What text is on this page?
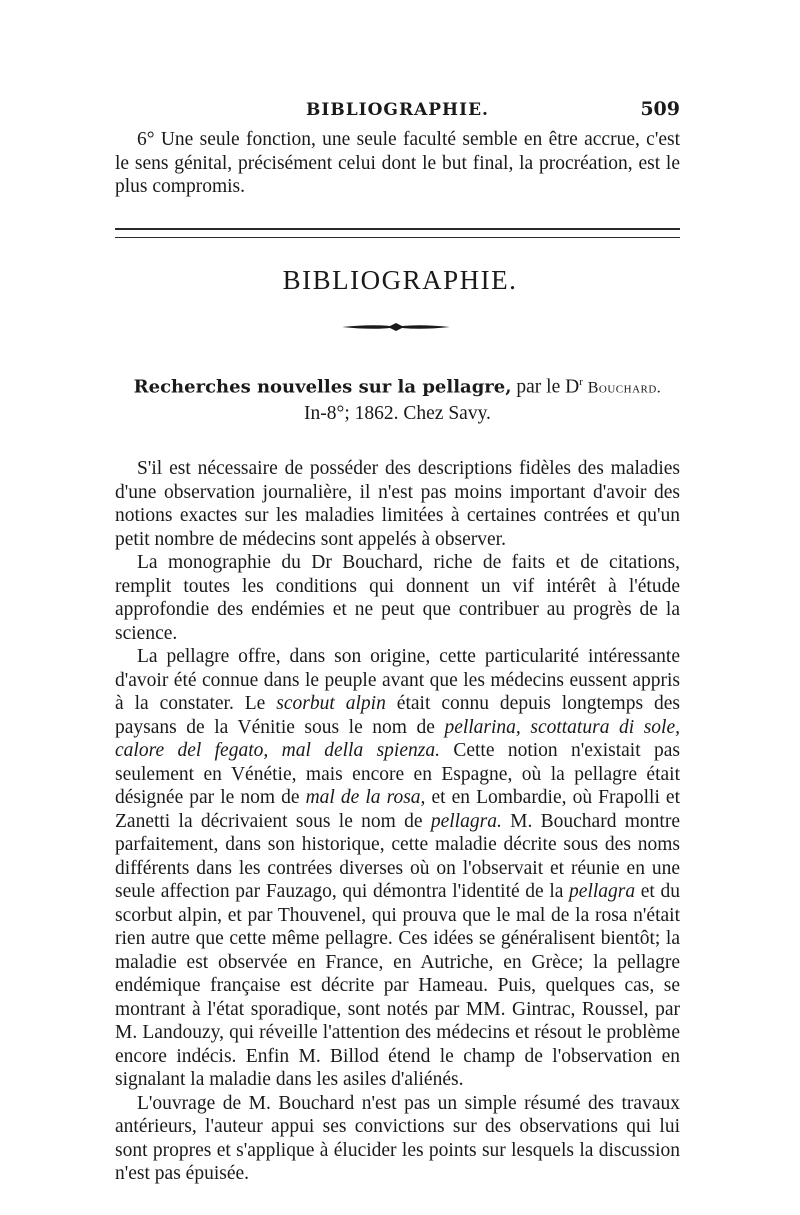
BIBLIOGRAPHIE.	509

6° Une seule fonction, une seule faculté semble en être accrue, c'est le sens génital, précisément celui dont le but final, la procréation, est le plus compromis.

BIBLIOGRAPHIE.
Recherches nouvelles sur la pellagre, par le $D^r$ Bouchard.
In-8°; 1862. Chez Savy.

S'il est nécessaire de posséder des descriptions fidèles des maladies d'une observation journalière, il n'est pas moins important d'avoir des notions exactes sur les maladies limitées à certaines contrées et qu'un petit nombre de médecins sont appelés à observer.

La monographie du Dr Bouchard, riche de faits et de citations, remplit toutes les conditions qui donnent un vif intérêt à l'étude approfondie des endémies et ne peut que contribuer au progrès de la science.

La pellagre offre, dans son origine, cette particularité intéressante d'avoir été connue dans le peuple avant que les médecins eussent appris à la constater. Le scorbut alpin était connu depuis longtemps des paysans de la Vénitie sous le nom de pellarina, scottatura di sole, calore del fegato, mal della spienza. Cette notion n'existait pas seulement en Vénétie, mais encore en Espagne, où la pellagre était désignée par le nom de mal de la rosa, et en Lombardie, où Frapolli et Zanetti la décrivaient sous le nom de pellagra. M. Bouchard montre parfaitement, dans son historique, cette maladie décrite sous des noms différents dans les contrées diverses où on l'observait et réunie en une seule affection par Fauzago, qui démontra l'identité de la pellagra et du scorbut alpin, et par Thouvenel, qui prouva que le mal de la rosa n'était rien autre que cette même pellagre. Ces idées se généralisent bientôt; la maladie est observée en France, en Autriche, en Grèce; la pellagre endémique française est décrite par Hameau. Puis, quelques cas, se montrant à l'état sporadique, sont notés par MM. Gintrac, Roussel, par M. Landouzy, qui réveille l'attention des médecins et résout le problème encore indécis. Enfin M. Billod étend le champ de l'observation en signalant la maladie dans les asiles d'aliénés.

L'ouvrage de M. Bouchard n'est pas un simple résumé des travaux antérieurs, l'auteur appui ses convictions sur des observations qui lui sont propres et s'applique à élucider les points sur lesquels la discussion n'est pas épuisée.
